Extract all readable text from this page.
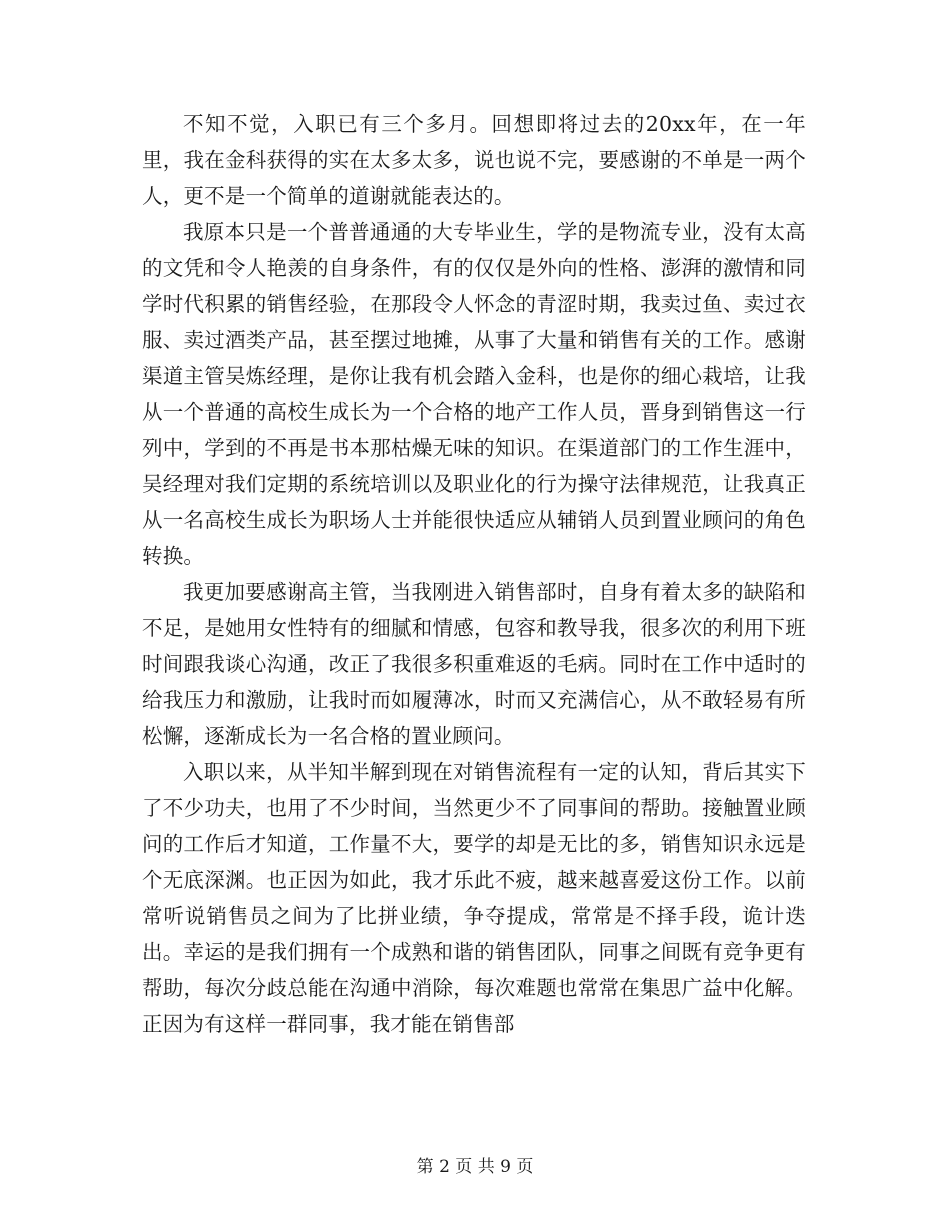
不知不觉，入职已有三个多月。回想即将过去的20xx年，在一年里，我在金科获得的实在太多太多，说也说不完，要感谢的不单是一两个人，更不是一个简单的道谢就能表达的。

我原本只是一个普普通通的大专毕业生，学的是物流专业，没有太高的文凭和令人艳羡的自身条件，有的仅仅是外向的性格、澎湃的激情和同学时代积累的销售经验，在那段令人怀念的青涩时期，我卖过鱼、卖过衣服、卖过酒类产品，甚至摆过地摊，从事了大量和销售有关的工作。感谢渠道主管吴炼经理，是你让我有机会踏入金科，也是你的细心栽培，让我从一个普通的高校生成长为一个合格的地产工作人员，晋身到销售这一行列中，学到的不再是书本那枯燥无味的知识。在渠道部门的工作生涯中，吴经理对我们定期的系统培训以及职业化的行为操守法律规范，让我真正从一名高校生成长为职场人士并能很快适应从辅销人员到置业顾问的角色转换。

我更加要感谢高主管，当我刚进入销售部时，自身有着太多的缺陷和不足，是她用女性特有的细腻和情感，包容和教导我，很多次的利用下班时间跟我谈心沟通，改正了我很多积重难返的毛病。同时在工作中适时的给我压力和激励，让我时而如履薄冰，时而又充满信心，从不敢轻易有所松懈，逐渐成长为一名合格的置业顾问。

入职以来，从半知半解到现在对销售流程有一定的认知，背后其实下了不少功夫，也用了不少时间，当然更少不了同事间的帮助。接触置业顾问的工作后才知道，工作量不大，要学的却是无比的多，销售知识永远是个无底深渊。也正因为如此，我才乐此不疲，越来越喜爱这份工作。以前常听说销售员之间为了比拼业绩，争夺提成，常常是不择手段，诡计迭出。幸运的是我们拥有一个成熟和谐的销售团队，同事之间既有竞争更有帮助，每次分歧总能在沟通中消除，每次难题也常常在集思广益中化解。正因为有这样一群同事，我才能在销售部

第 2 页 共 9 页
